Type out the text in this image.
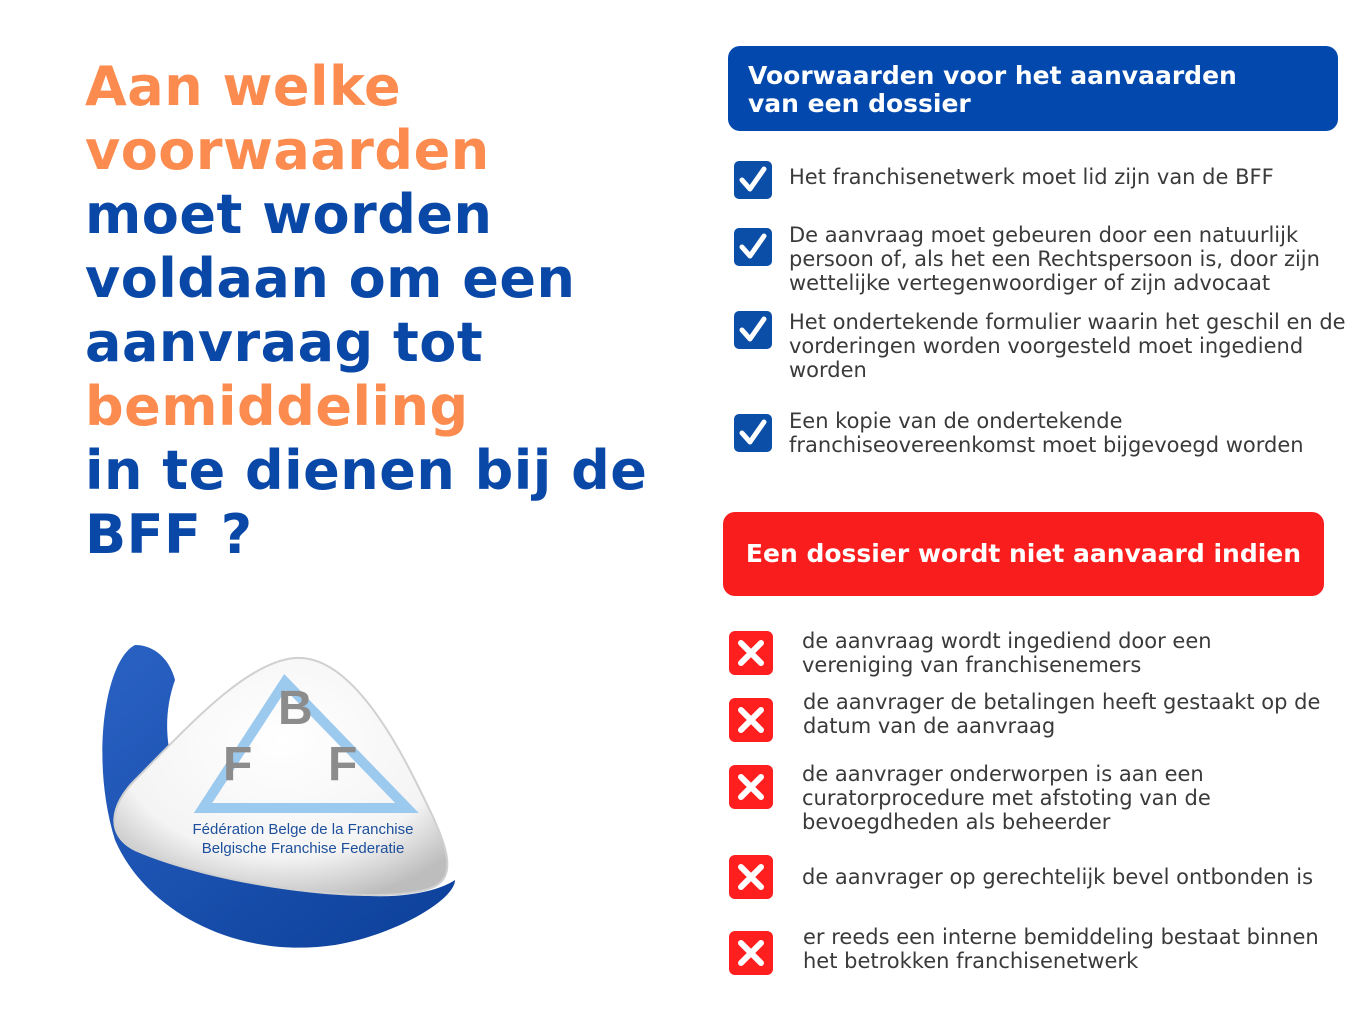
Aan welke
voorwaarden
moet worden
voldaan om een
aanvraag tot
bemiddeling
in te dienen bij de
BFF ?
B
F F
Fédération Belge de la Franchise
Belgische Franchise Federatie
Voorwaarden voor het aanvaarden
van een dossier
Het franchisenetwerk moet lid zijn van de BFF
De aanvraag moet gebeuren door een natuurlijk
persoon of, als het een Rechtspersoon is, door zijn
wettelijke vertegenwoordiger of zijn advocaat
Het ondertekende formulier waarin het geschil en de
vorderingen worden voorgesteld moet ingediend
worden
Een kopie van de ondertekende
franchiseovereenkomst moet bijgevoegd worden
Een dossier wordt niet aanvaard indien
de aanvraag wordt ingediend door een
vereniging van franchisenemers
de aanvrager de betalingen heeft gestaakt op de
datum van de aanvraag
de aanvrager onderworpen is aan een
curatorprocedure met afstoting van de
bevoegdheden als beheerder
de aanvrager op gerechtelijk bevel ontbonden is
er reeds een interne bemiddeling bestaat binnen
het betrokken franchisenetwerk
